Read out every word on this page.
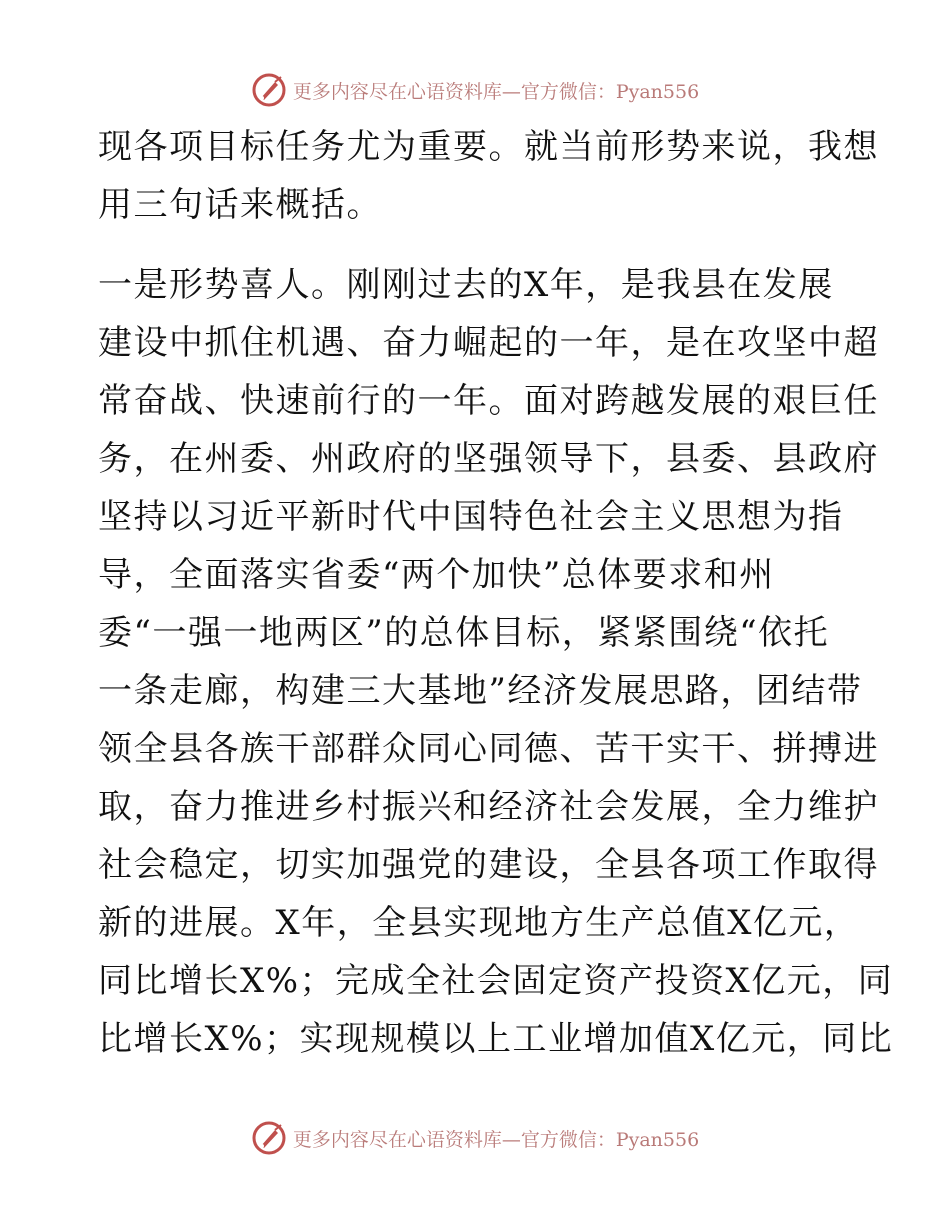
更多内容尽在心语资料库—官方微信：Pyan556
现各项目标任务尤为重要。就当前形势来说，我想
用三句话来概括。
一是形势喜人。刚刚过去的X年，是我县在发展
建设中抓住机遇、奋力崛起的一年，是在攻坚中超
常奋战、快速前行的一年。面对跨越发展的艰巨任
务，在州委、州政府的坚强领导下，县委、县政府
坚持以习近平新时代中国特色社会主义思想为指
导，全面落实省委“两个加快”总体要求和州
委“一强一地两区”的总体目标，紧紧围绕“依托
一条走廊，构建三大基地”经济发展思路，团结带
领全县各族干部群众同心同德、苦干实干、拼搏进
取，奋力推进乡村振兴和经济社会发展，全力维护
社会稳定，切实加强党的建设，全县各项工作取得
新的进展。X年，全县实现地方生产总值X亿元，
同比增长X%；完成全社会固定资产投资X亿元，同
比增长X%；实现规模以上工业增加值X亿元，同比
更多内容尽在心语资料库—官方微信：Pyan556
